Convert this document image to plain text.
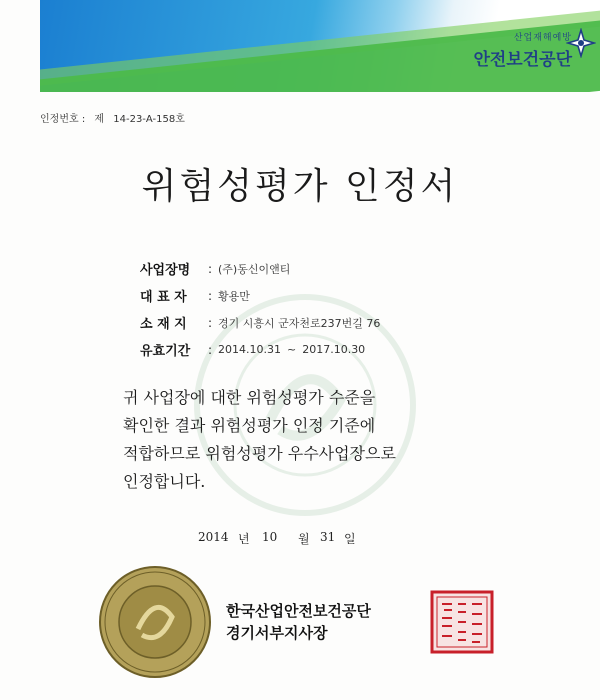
산업재해예방
안전보건공단
인정번호 : 제 14-23-A-158호
위험성평가 인정서
사업장명	: (주)동신이앤티
대 표 자	: 황용만
소 재 지	: 경기 시흥시 군자천로237번길 76
유효기간	: 2014.10.31 ~ 2017.10.30
귀 사업장에 대한 위험성평가 수준을
확인한 결과 위험성평가 인정 기준에
적합하므로 위험성평가 우수사업장으로
인정합니다.
2014 년 10 월 31 일
한국산업안전보건공단
경기서부지사장
